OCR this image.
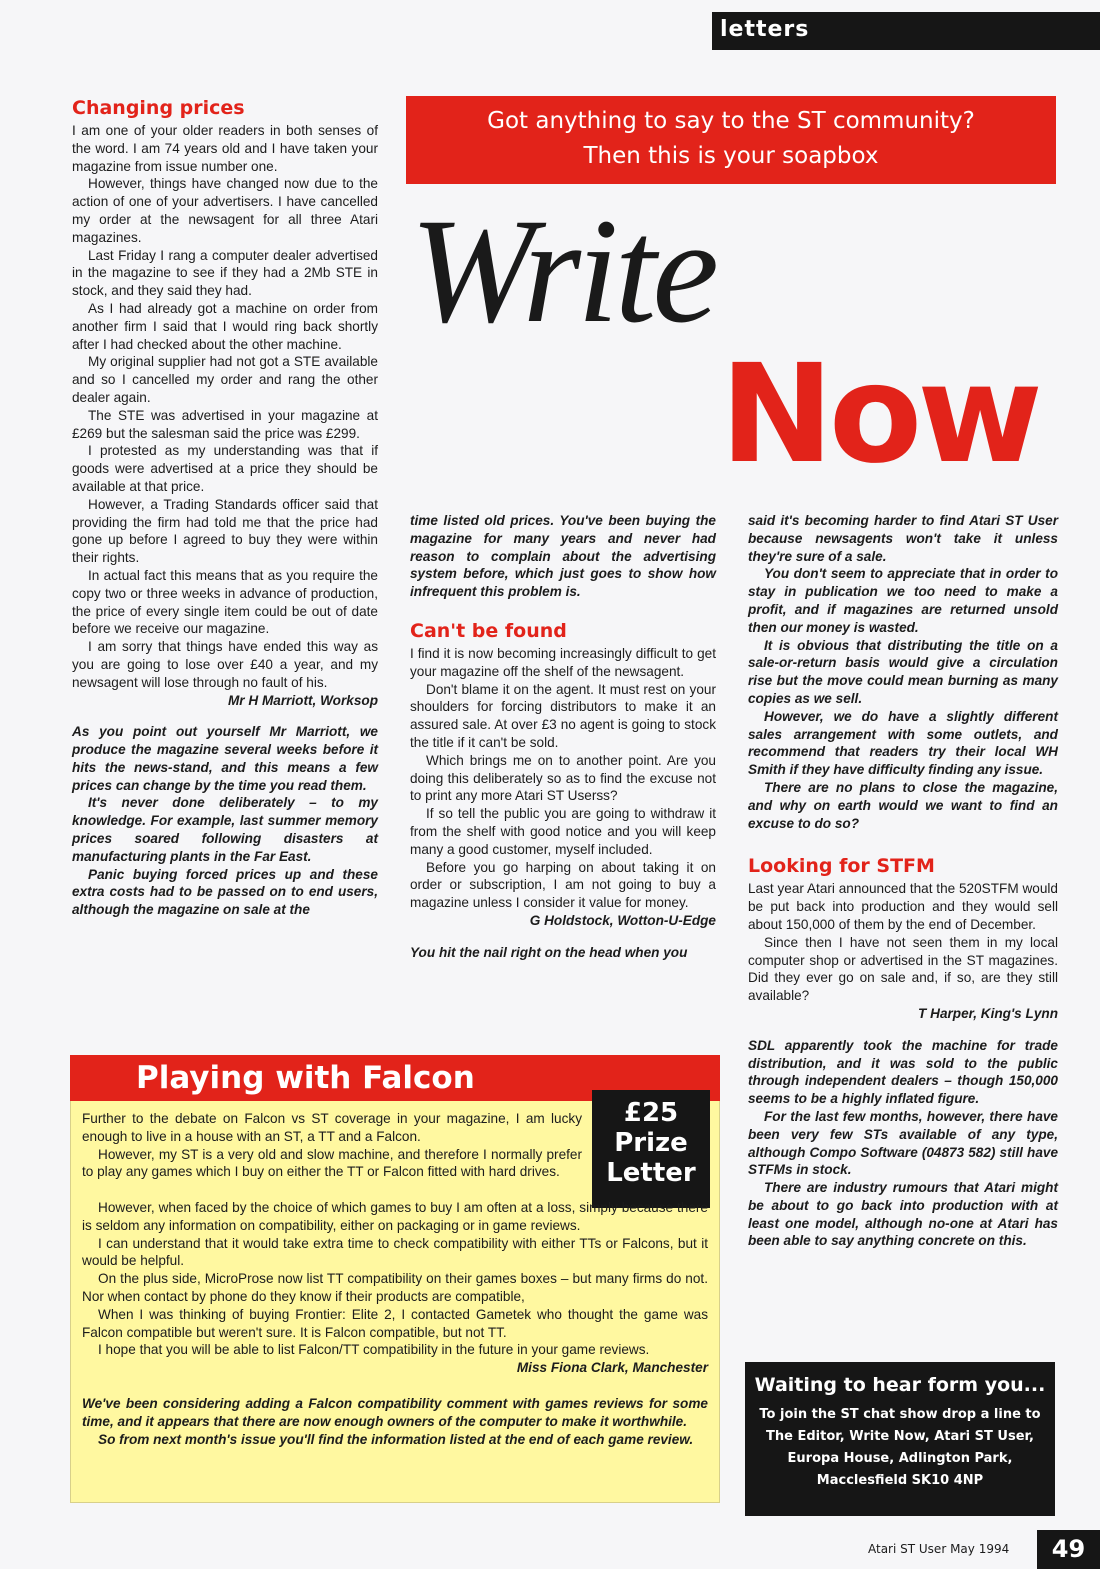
letters
Changing prices

I am one of your older readers in both senses of the word. I am 74 years old and I have taken your magazine from issue number one.

However, things have changed now due to the action of one of your advertisers. I have cancelled my order at the newsagent for all three Atari magazines.

Last Friday I rang a computer dealer advertised in the magazine to see if they had a 2Mb STE in stock, and they said they had.

As I had already got a machine on order from another firm I said that I would ring back shortly after I had checked about the other machine.

My original supplier had not got a STE available and so I cancelled my order and rang the other dealer again.

The STE was advertised in your magazine at £269 but the salesman said the price was £299.

I protested as my understanding was that if goods were advertised at a price they should be available at that price.

However, a Trading Standards officer said that providing the firm had told me that the price had gone up before I agreed to buy they were within their rights.

In actual fact this means that as you require the copy two or three weeks in advance of production, the price of every single item could be out of date before we receive our magazine.

I am sorry that things have ended this way as you are going to lose over £40 a year, and my newsagent will lose through no fault of his.

Mr H Marriott, Worksop

As you point out yourself Mr Marriott, we produce the magazine several weeks before it hits the news-stand, and this means a few prices can change by the time you read them.

It's never done deliberately – to my knowledge. For example, last summer memory prices soared following disasters at manufacturing plants in the Far East.

Panic buying forced prices up and these extra costs had to be passed on to end users, although the magazine on sale at the

Got anything to say to the ST community?
Then this is your soapbox
Write
Now

time listed old prices. You've been buying the magazine for many years and never had reason to complain about the advertising system before, which just goes to show how infrequent this problem is.

Can't be found

I find it is now becoming increasingly difficult to get your magazine off the shelf of the newsagent.

Don't blame it on the agent. It must rest on your shoulders for forcing distributors to make it an assured sale. At over £3 no agent is going to stock the title if it can't be sold.

Which brings me on to another point. Are you doing this deliberately so as to find the excuse not to print any more Atari ST Userss?

If so tell the public you are going to withdraw it from the shelf with good notice and you will keep many a good customer, myself included.

Before you go harping on about taking it on order or subscription, I am not going to buy a magazine unless I consider it value for money.

G Holdstock, Wotton-U-Edge

You hit the nail right on the head when you

said it's becoming harder to find Atari ST User because newsagents won't take it unless they're sure of a sale.

You don't seem to appreciate that in order to stay in publication we too need to make a profit, and if magazines are returned unsold then our money is wasted.

It is obvious that distributing the title on a sale-or-return basis would give a circulation rise but the move could mean burning as many copies as we sell.

However, we do have a slightly different sales arrangement with some outlets, and recommend that readers try their local WH Smith if they have difficulty finding any issue.

There are no plans to close the magazine, and why on earth would we want to find an excuse to do so?

Looking for STFM

Last year Atari announced that the 520STFM would be put back into production and they would sell about 150,000 of them by the end of December.

Since then I have not seen them in my local computer shop or advertised in the ST magazines. Did they ever go on sale and, if so, are they still available?

T Harper, King's Lynn

SDL apparently took the machine for trade distribution, and it was sold to the public through independent dealers – though 150,000 seems to be a highly inflated figure.

For the last few months, however, there have been very few STs available of any type, although Compo Software (04873 582) still have STFMs in stock.

There are industry rumours that Atari might be about to go back into production with at least one model, although no-one at Atari has been able to say anything concrete on this.

Playing with Falcon
£25
Prize
Letter

Further to the debate on Falcon vs ST coverage in your magazine, I am lucky enough to live in a house with an ST, a TT and a Falcon.

However, my ST is a very old and slow machine, and therefore I normally prefer to play any games which I buy on either the TT or Falcon fitted with hard drives.

However, when faced by the choice of which games to buy I am often at a loss, simply because there is seldom any information on compatibility, either on packaging or in game reviews.

I can understand that it would take extra time to check compatibility with either TTs or Falcons, but it would be helpful.

On the plus side, MicroProse now list TT compatibility on their games boxes – but many firms do not. Nor when contact by phone do they know if their products are compatible,

When I was thinking of buying Frontier: Elite 2, I contacted Gametek who thought the game was Falcon compatible but weren't sure. It is Falcon compatible, but not TT.

I hope that you will be able to list Falcon/TT compatibility in the future in your game reviews.

Miss Fiona Clark, Manchester

We've been considering adding a Falcon compatibility comment with games reviews for some time, and it appears that there are now enough owners of the computer to make it worthwhile.

So from next month's issue you'll find the information listed at the end of each game review.

Waiting to hear form you...
To join the ST chat show drop a line to
The Editor, Write Now, Atari ST User,
Europa House, Adlington Park,
Macclesfield SK10 4NP
Atari ST User May 1994	49
